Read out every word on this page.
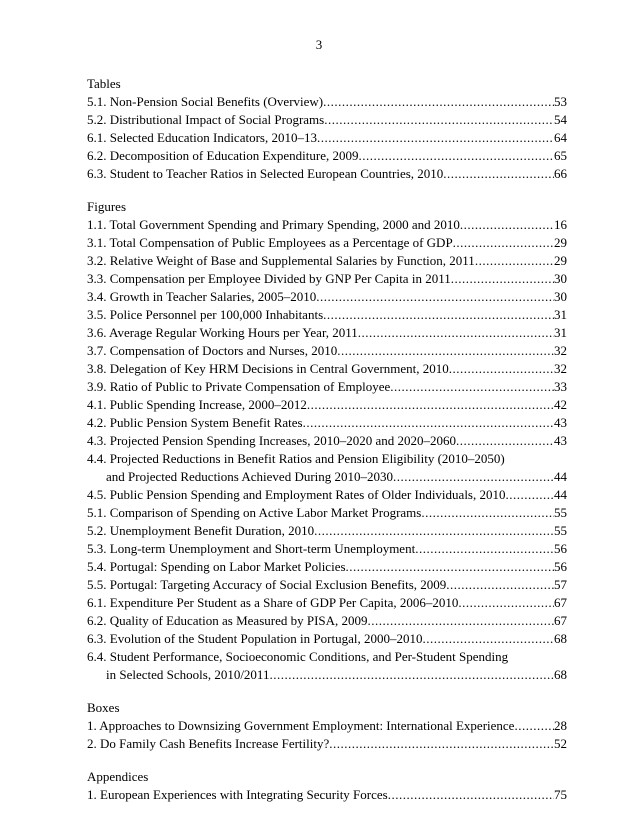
3
Tables
5.1. Non-Pension Social Benefits (Overview) .....	53
5.2. Distributional Impact of Social Programs .....	54
6.1. Selected Education Indicators, 2010–13 .....	64
6.2. Decomposition of Education Expenditure, 2009 .....	65
6.3. Student to Teacher Ratios in Selected European Countries, 2010 .....	66
Figures
1.1. Total Government Spending and Primary Spending, 2000 and 2010 .....	16
3.1. Total Compensation of Public Employees as a Percentage of GDP .....	29
3.2. Relative Weight of Base and Supplemental Salaries by Function, 2011 .....	29
3.3. Compensation per Employee Divided by GNP Per Capita in 2011 .....	30
3.4. Growth in Teacher Salaries, 2005–2010 .....	30
3.5. Police Personnel per 100,000 Inhabitants .....	31
3.6. Average Regular Working Hours per Year, 2011 .....	31
3.7. Compensation of Doctors and Nurses, 2010 .....	32
3.8. Delegation of Key HRM Decisions in Central Government, 2010 .....	32
3.9. Ratio of Public to Private Compensation of Employee .....	33
4.1. Public Spending Increase, 2000–2012 .....	42
4.2. Public Pension System Benefit Rates .....	43
4.3. Projected Pension Spending Increases, 2010–2020 and 2020–2060 .....	43
4.4. Projected Reductions in Benefit Ratios and Pension Eligibility (2010–2050)
and Projected Reductions Achieved During 2010–2030 .....	44
4.5. Public Pension Spending and Employment Rates of Older Individuals, 2010 .....	44
5.1. Comparison of Spending on Active Labor Market Programs .....	55
5.2. Unemployment Benefit Duration, 2010 .....	55
5.3. Long-term Unemployment and Short-term Unemployment .....	56
5.4. Portugal: Spending on Labor Market Policies .....	56
5.5. Portugal: Targeting Accuracy of Social Exclusion Benefits, 2009 .....	57
6.1. Expenditure Per Student as a Share of GDP Per Capita, 2006–2010 .....	67
6.2. Quality of Education as Measured by PISA, 2009 .....	67
6.3. Evolution of the Student Population in Portugal, 2000–2010 .....	68
6.4. Student Performance, Socioeconomic Conditions, and Per-Student Spending
in Selected Schools, 2010/2011 .....	68
Boxes
1. Approaches to Downsizing Government Employment: International Experience .....	28
2. Do Family Cash Benefits Increase Fertility? .....	52
Appendices
1. European Experiences with Integrating Security Forces .....	75
